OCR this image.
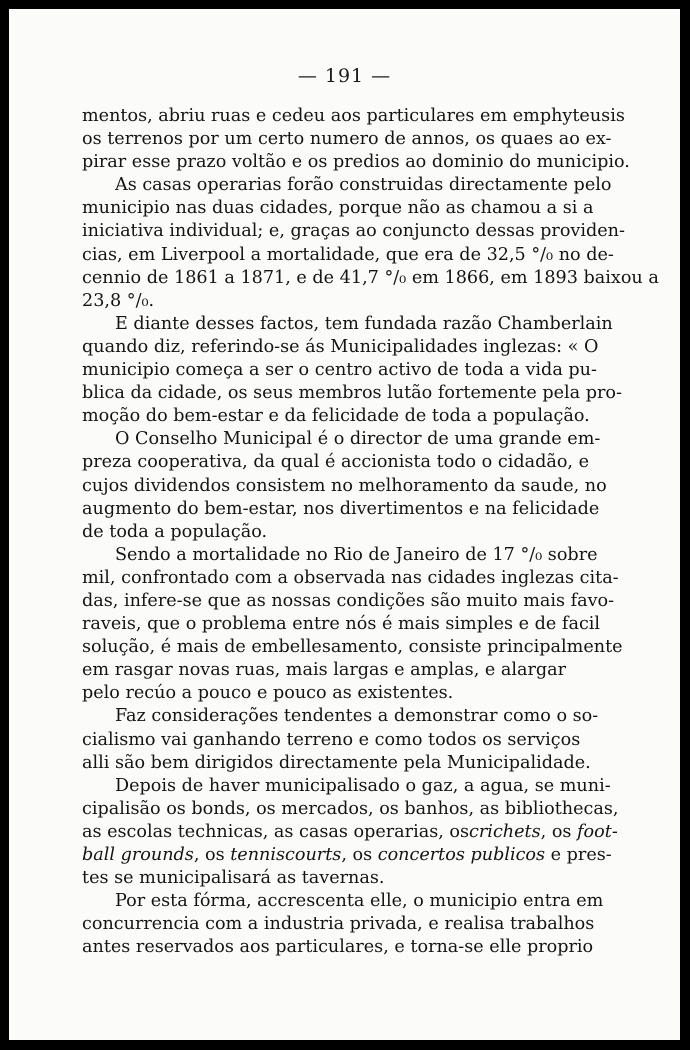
— 191 —
mentos, abriu ruas e cedeu aos particulares em emphyteusis
os terrenos por um certo numero de annos, os quaes ao ex-
pirar esse prazo voltão e os predios ao dominio do municipio.
As casas operarias forão construidas directamente pelo
municipio nas duas cidades, porque não as chamou a si a
iniciativa individual; e, graças ao conjuncto dessas providen-
cias, em Liverpool a mortalidade, que era de 32,5 °/₀ no de-
cennio de 1861 a 1871, e de 41,7 °/₀ em 1866, em 1893 baixou a
23,8 °/₀.
E diante desses factos, tem fundada razão Chamberlain
quando diz, referindo-se ás Municipalidades inglezas: « O
municipio começa a ser o centro activo de toda a vida pu-
blica da cidade, os seus membros lutão fortemente pela pro-
moção do bem-estar e da felicidade de toda a população.
O Conselho Municipal é o director de uma grande em-
preza cooperativa, da qual é accionista todo o cidadão, e
cujos dividendos consistem no melhoramento da saude, no
augmento do bem-estar, nos divertimentos e na felicidade
de toda a população.
Sendo a mortalidade no Rio de Janeiro de 17 °/₀ sobre
mil, confrontado com a observada nas cidades inglezas cita-
das, infere-se que as nossas condições são muito mais favo-
raveis, que o problema entre nós é mais simples e de facil
solução, é mais de embellesamento, consiste principalmente
em rasgar novas ruas, mais largas e amplas, e alargar
pelo recúo a pouco e pouco as existentes.
Faz considerações tendentes a demonstrar como o so-
cialismo vai ganhando terreno e como todos os serviços
alli são bem dirigidos directamente pela Municipalidade.
Depois de haver municipalisado o gaz, a agua, se muni-
cipalisão os bonds, os mercados, os banhos, as bibliothecas,
as escolas technicas, as casas operarias, oscrichets, os foot-
ball grounds, os tenniscourts, os concertos publicos e pres-
tes se municipalisará as tavernas.
Por esta fórma, accrescenta elle, o municipio entra em
concurrencia com a industria privada, e realisa trabalhos
antes reservados aos particulares, e torna-se elle proprio
